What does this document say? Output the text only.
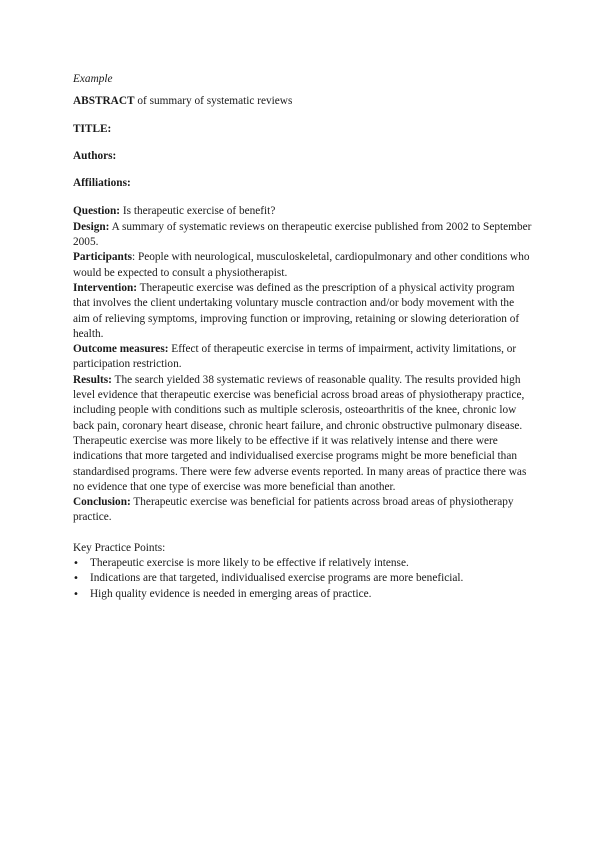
Example

ABSTRACT of summary of systematic reviews

TITLE:

Authors:

Affiliations:

Question: Is therapeutic exercise of benefit?

Design: A summary of systematic reviews on therapeutic exercise published from 2002 to September 2005.

Participants: People with neurological, musculoskeletal, cardiopulmonary and other conditions who would be expected to consult a physiotherapist.

Intervention: Therapeutic exercise was defined as the prescription of a physical activity program that involves the client undertaking voluntary muscle contraction and/or body movement with the aim of relieving symptoms, improving function or improving, retaining or slowing deterioration of health.

Outcome measures: Effect of therapeutic exercise in terms of impairment, activity limitations, or participation restriction.

Results: The search yielded 38 systematic reviews of reasonable quality. The results provided high level evidence that therapeutic exercise was beneficial across broad areas of physiotherapy practice, including people with conditions such as multiple sclerosis, osteoarthritis of the knee, chronic low back pain, coronary heart disease, chronic heart failure, and chronic obstructive pulmonary disease. Therapeutic exercise was more likely to be effective if it was relatively intense and there were indications that more targeted and individualised exercise programs might be more beneficial than standardised programs. There were few adverse events reported. In many areas of practice there was no evidence that one type of exercise was more beneficial than another.

Conclusion: Therapeutic exercise was beneficial for patients across broad areas of physiotherapy practice.

Key Practice Points:

• Therapeutic exercise is more likely to be effective if relatively intense.
• Indications are that targeted, individualised exercise programs are more beneficial.
• High quality evidence is needed in emerging areas of practice.
